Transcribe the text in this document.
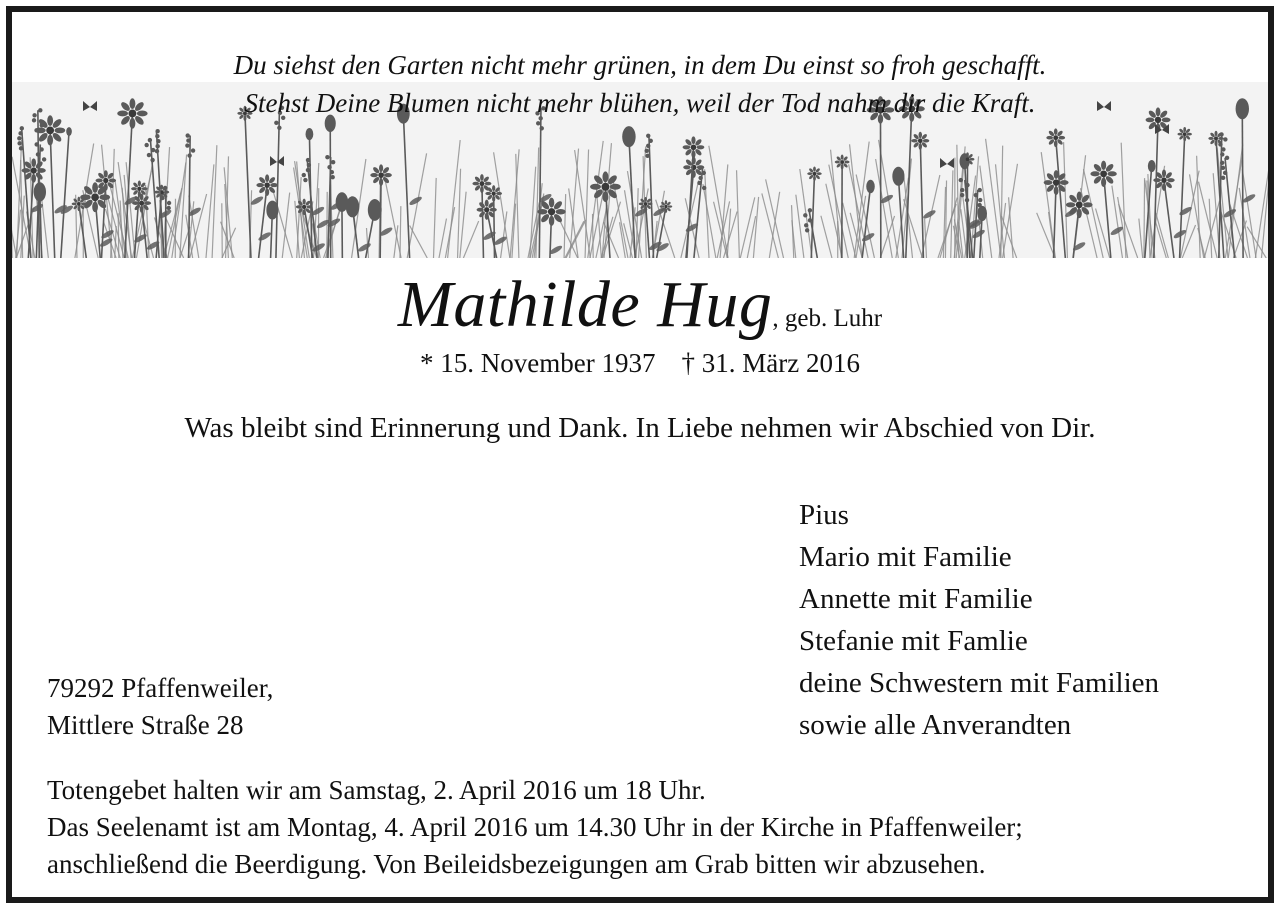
Du siehst den Garten nicht mehr grünen, in dem Du einst so froh geschafft.
Stehst Deine Blumen nicht mehr blühen, weil der Tod nahm dir die Kraft.
Mathilde Hug, geb. Luhr
* 15. November 1937 † 31. März 2016
Was bleibt sind Erinnerung und Dank. In Liebe nehmen wir Abschied von Dir.
Pius
Mario mit Familie
Annette mit Familie
Stefanie mit Famlie
deine Schwestern mit Familien
sowie alle Anverandten
79292 Pfaffenweiler,
Mittlere Straße 28
Totengebet halten wir am Samstag, 2. April 2016 um 18 Uhr.
Das Seelenamt ist am Montag, 4. April 2016 um 14.30 Uhr in der Kirche in Pfaffenweiler;
anschließend die Beerdigung. Von Beileidsbezeigungen am Grab bitten wir abzusehen.
